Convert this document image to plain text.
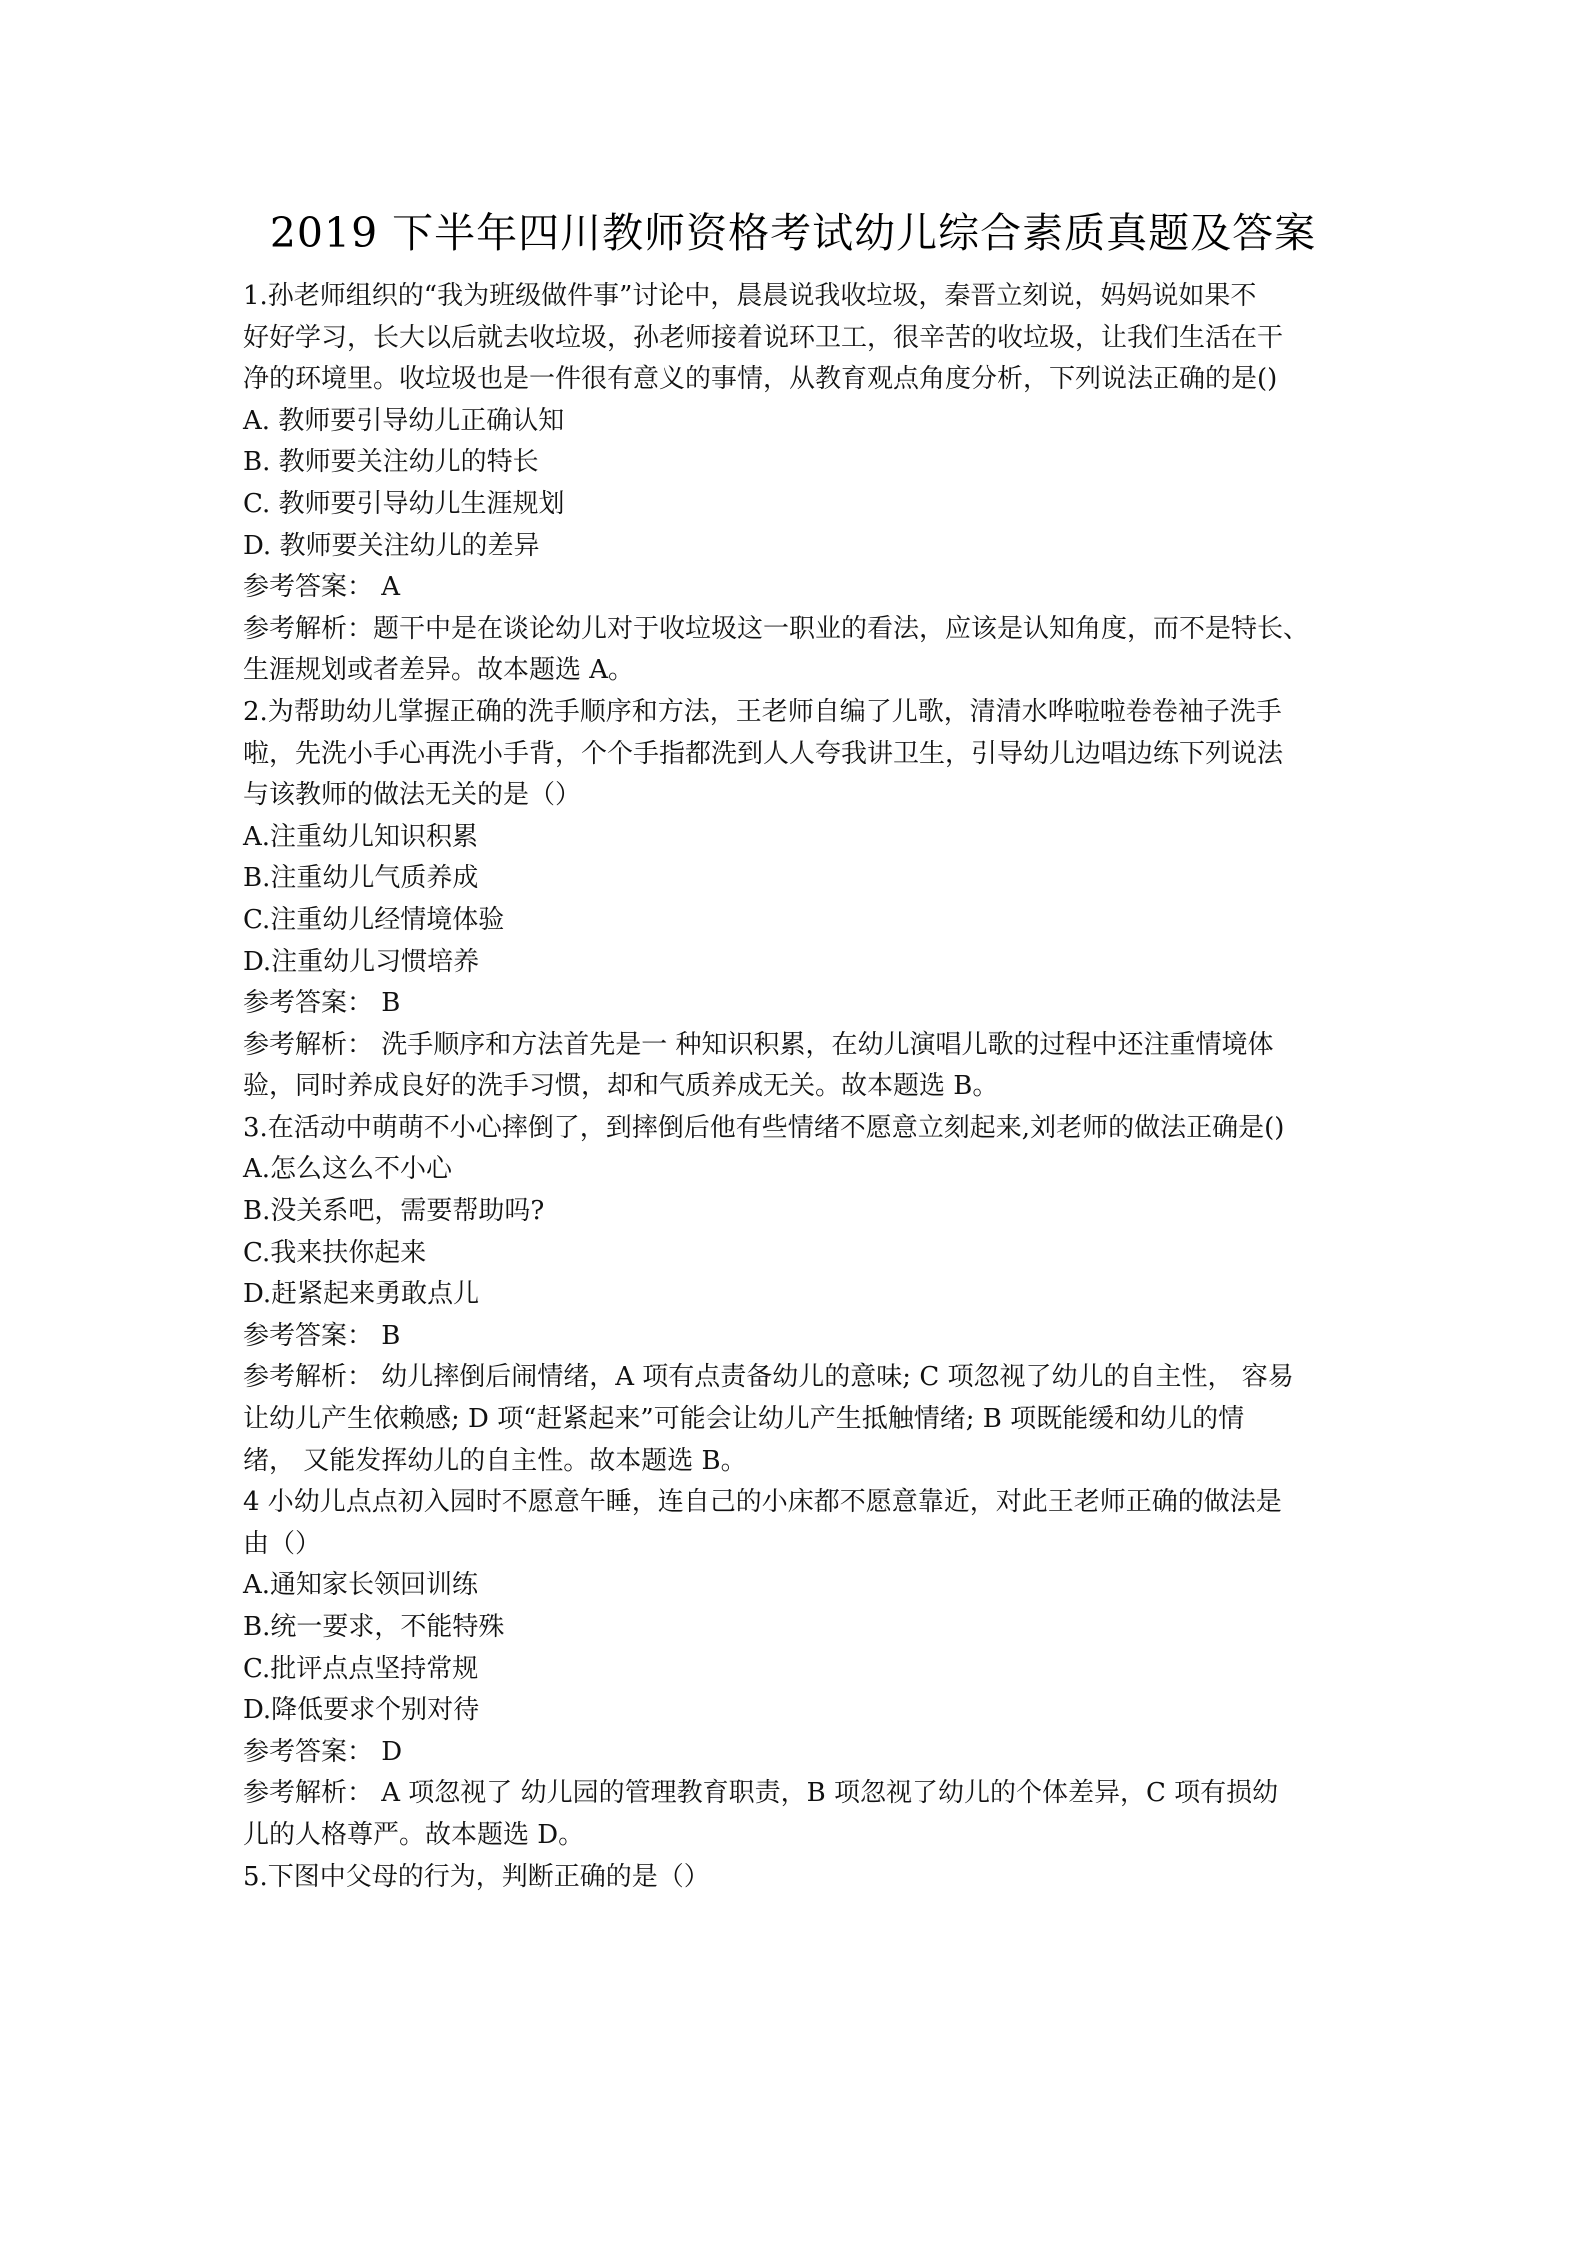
2019 下半年四川教师资格考试幼儿综合素质真题及答案
1.孙老师组织的“我为班级做件事”讨论中，晨晨说我收垃圾，秦晋立刻说，妈妈说如果不
好好学习，长大以后就去收垃圾，孙老师接着说环卫工，很辛苦的收垃圾，让我们生活在干
净的环境里。收垃圾也是一件很有意义的事情，从教育观点角度分析，下列说法正确的是()
A. 教师要引导幼儿正确认知
B. 教师要关注幼儿的特长
C. 教师要引导幼儿生涯规划
D. 教师要关注幼儿的差异
参考答案： A
参考解析：题干中是在谈论幼儿对于收垃圾这一职业的看法，应该是认知角度，而不是特长、
生涯规划或者差异。故本题选 A。
2.为帮助幼儿掌握正确的洗手顺序和方法，王老师自编了儿歌，清清水哗啦啦卷卷袖子洗手
啦，先洗小手心再洗小手背，个个手指都洗到人人夸我讲卫生，引导幼儿边唱边练下列说法
与该教师的做法无关的是（）
A.注重幼儿知识积累
B.注重幼儿气质养成
C.注重幼儿经情境体验
D.注重幼儿习惯培养
参考答案： B
参考解析： 洗手顺序和方法首先是一 种知识积累，在幼儿演唱儿歌的过程中还注重情境体
验，同时养成良好的洗手习惯，却和气质养成无关。故本题选 B。
3.在活动中萌萌不小心摔倒了，到摔倒后他有些情绪不愿意立刻起来,刘老师的做法正确是()
A.怎么这么不小心
B.没关系吧，需要帮助吗?
C.我来扶你起来
D.赶紧起来勇敢点儿
参考答案： B
参考解析： 幼儿摔倒后闹情绪，A 项有点责备幼儿的意味; C 项忽视了幼儿的自主性， 容易
让幼儿产生依赖感; D 项“赶紧起来”可能会让幼儿产生抵触情绪; B 项既能缓和幼儿的情
绪， 又能发挥幼儿的自主性。故本题选 B。
4 小幼儿点点初入园时不愿意午睡，连自己的小床都不愿意靠近，对此王老师正确的做法是
由（）
A.通知家长领回训练
B.统一要求，不能特殊
C.批评点点坚持常规
D.降低要求个别对待
参考答案： D
参考解析： A 项忽视了 幼儿园的管理教育职责，B 项忽视了幼儿的个体差异，C 项有损幼
儿的人格尊严。故本题选 D。
5.下图中父母的行为，判断正确的是（）
